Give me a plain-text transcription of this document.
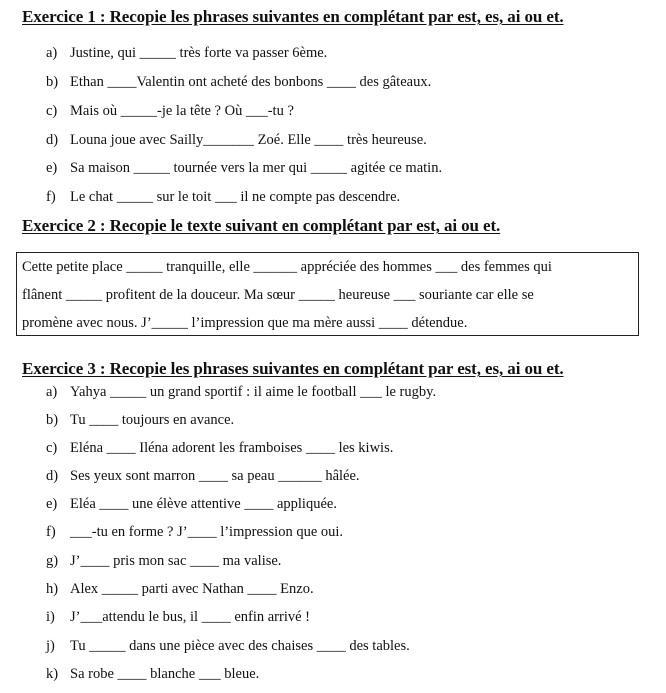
Exercice 1 : Recopie les phrases suivantes en complétant par est, es, ai ou et.
a) Justine, qui _____ très forte va passer 6ème.
b) Ethan ____Valentin ont acheté des bonbons ____ des gâteaux.
c) Mais où _____-je la tête ? Où ___-tu ?
d) Louna joue avec Sailly_______ Zoé. Elle ____ très heureuse.
e) Sa maison _____ tournée vers la mer qui _____ agitée ce matin.
f) Le chat _____ sur le toit ___ il ne compte pas descendre.
Exercice 2 : Recopie le texte suivant en complétant par est, ai ou et.
Cette petite place _____ tranquille, elle ______ appréciée des hommes ___ des femmes qui
flânent _____ profitent de la douceur. Ma sœur _____ heureuse ___ souriante car elle se
promène avec nous. J’_____ l’impression que ma mère aussi ____ détendue.
Exercice 3 : Recopie les phrases suivantes en complétant par est, es, ai ou et.
a) Yahya _____ un grand sportif : il aime le football ___ le rugby.
b) Tu ____ toujours en avance.
c) Eléna ____ Iléna adorent les framboises ____ les kiwis.
d) Ses yeux sont marron ____ sa peau ______ hâlée.
e) Eléa ____ une élève attentive ____ appliquée.
f) ___-tu en forme ? J’____ l’impression que oui.
g) J’____ pris mon sac ____ ma valise.
h) Alex _____ parti avec Nathan ____ Enzo.
i) J’___attendu le bus, il ____ enfin arrivé !
j) Tu _____ dans une pièce avec des chaises ____ des tables.
k) Sa robe ____ blanche ___ bleue.
